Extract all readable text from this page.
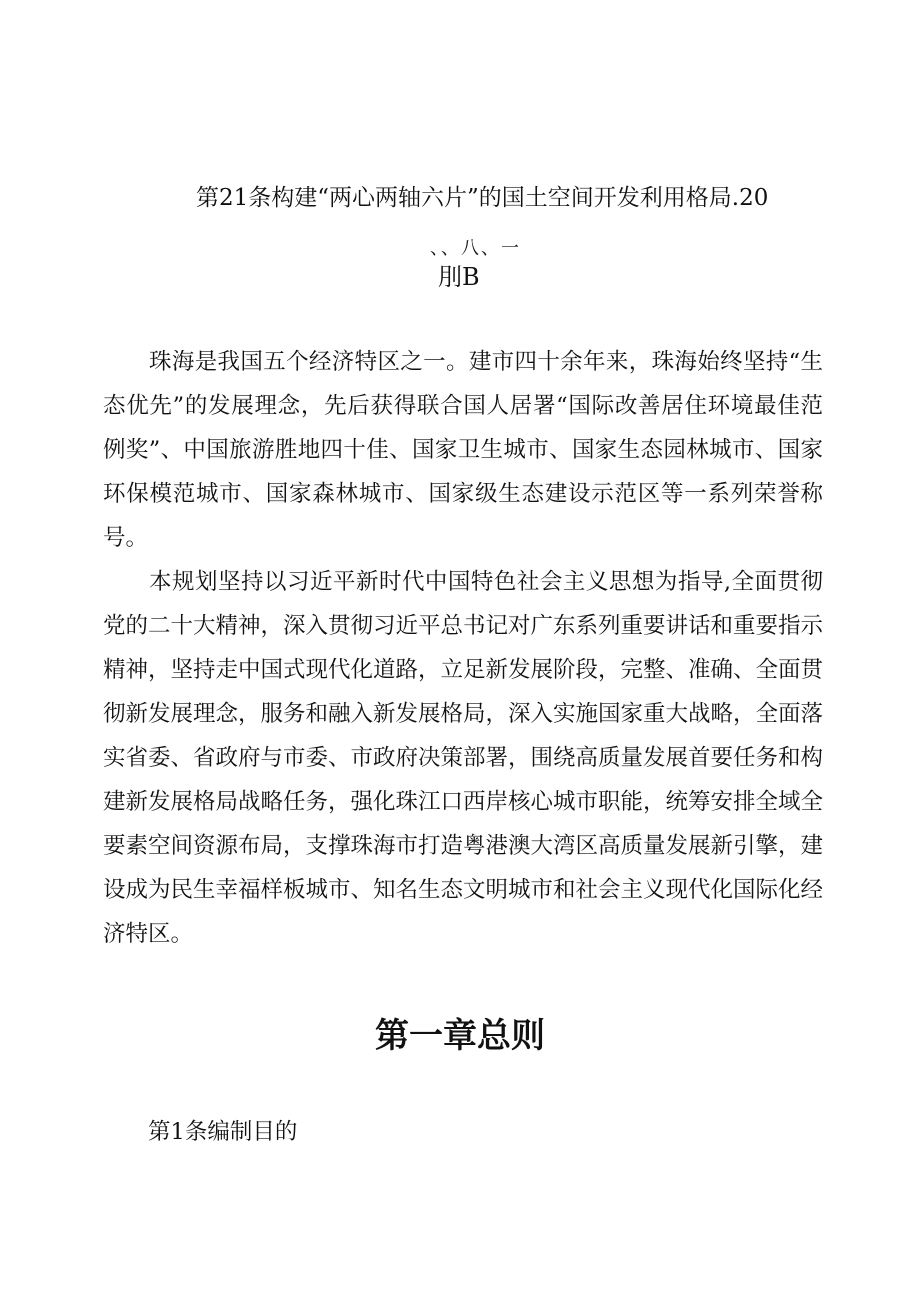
第21条构建“两心两轴六片”的国土空间开发利用格局.20
、、八、一
刖B

珠海是我国五个经济特区之一。建市四十余年来，珠海始终坚持“生态优先”的发展理念，先后获得联合国人居署“国际改善居住环境最佳范例奖”、中国旅游胜地四十佳、国家卫生城市、国家生态园林城市、国家环保模范城市、国家森林城市、国家级生态建设示范区等一系列荣誉称号。

本规划坚持以习近平新时代中国特色社会主义思想为指导,全面贯彻党的二十大精神，深入贯彻习近平总书记对广东系列重要讲话和重要指示精神，坚持走中国式现代化道路，立足新发展阶段，完整、准确、全面贯彻新发展理念，服务和融入新发展格局，深入实施国家重大战略，全面落实省委、省政府与市委、市政府决策部署，围绕高质量发展首要任务和构建新发展格局战略任务，强化珠江口西岸核心城市职能，统筹安排全域全要素空间资源布局，支撑珠海市打造粤港澳大湾区高质量发展新引擎，建设成为民生幸福样板城市、知名生态文明城市和社会主义现代化国际化经济特区。

第一章总则
第1条编制目的
